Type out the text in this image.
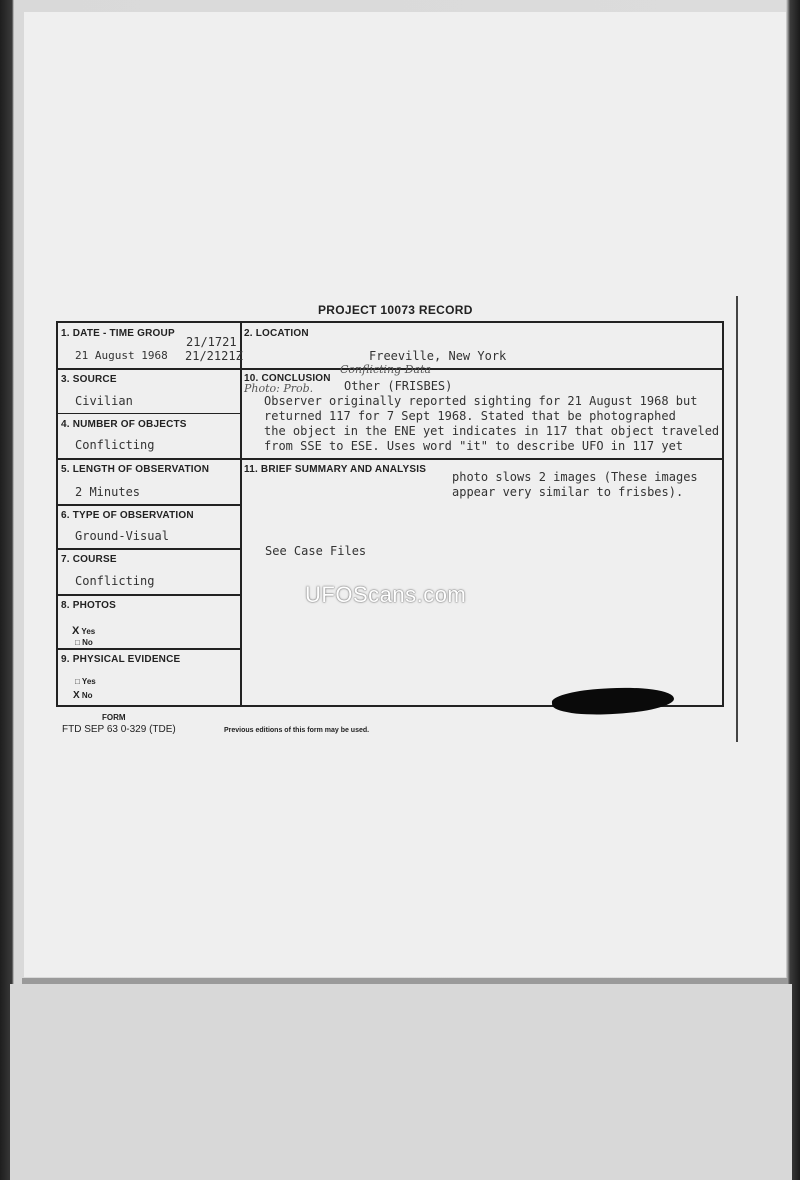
PROJECT 10073 RECORD
1. DATE - TIME GROUP
21/1721
21 August 1968 21/2121Z
2. LOCATION
Freeville, New York
3. SOURCE
Civilian
4. NUMBER OF OBJECTS
Conflicting
5. LENGTH OF OBSERVATION
2 Minutes
6. TYPE OF OBSERVATION
Ground-Visual
7. COURSE
Conflicting
8. PHOTOS
X Yes
□ No
9. PHYSICAL EVIDENCE
□ Yes
X No
10. CONCLUSION
Conflicting Data
Photo: Prob.	Other (FRISBES)
Observer originally reported sighting for 21 August 1968 but
returned 117 for 7 Sept 1968. Stated that be photographed
the object in the ENE yet indicates in 117 that object traveled
from SSE to ESE. Uses word "it" to describe UFO in 117 yet
11. BRIEF SUMMARY AND ANALYSIS
photo slows 2 images (These images
appear very similar to frisbes).
See Case Files
UFOScans.com
FORM
FTD SEP 63 0-329 (TDE)	Previous editions of this form may be used.
